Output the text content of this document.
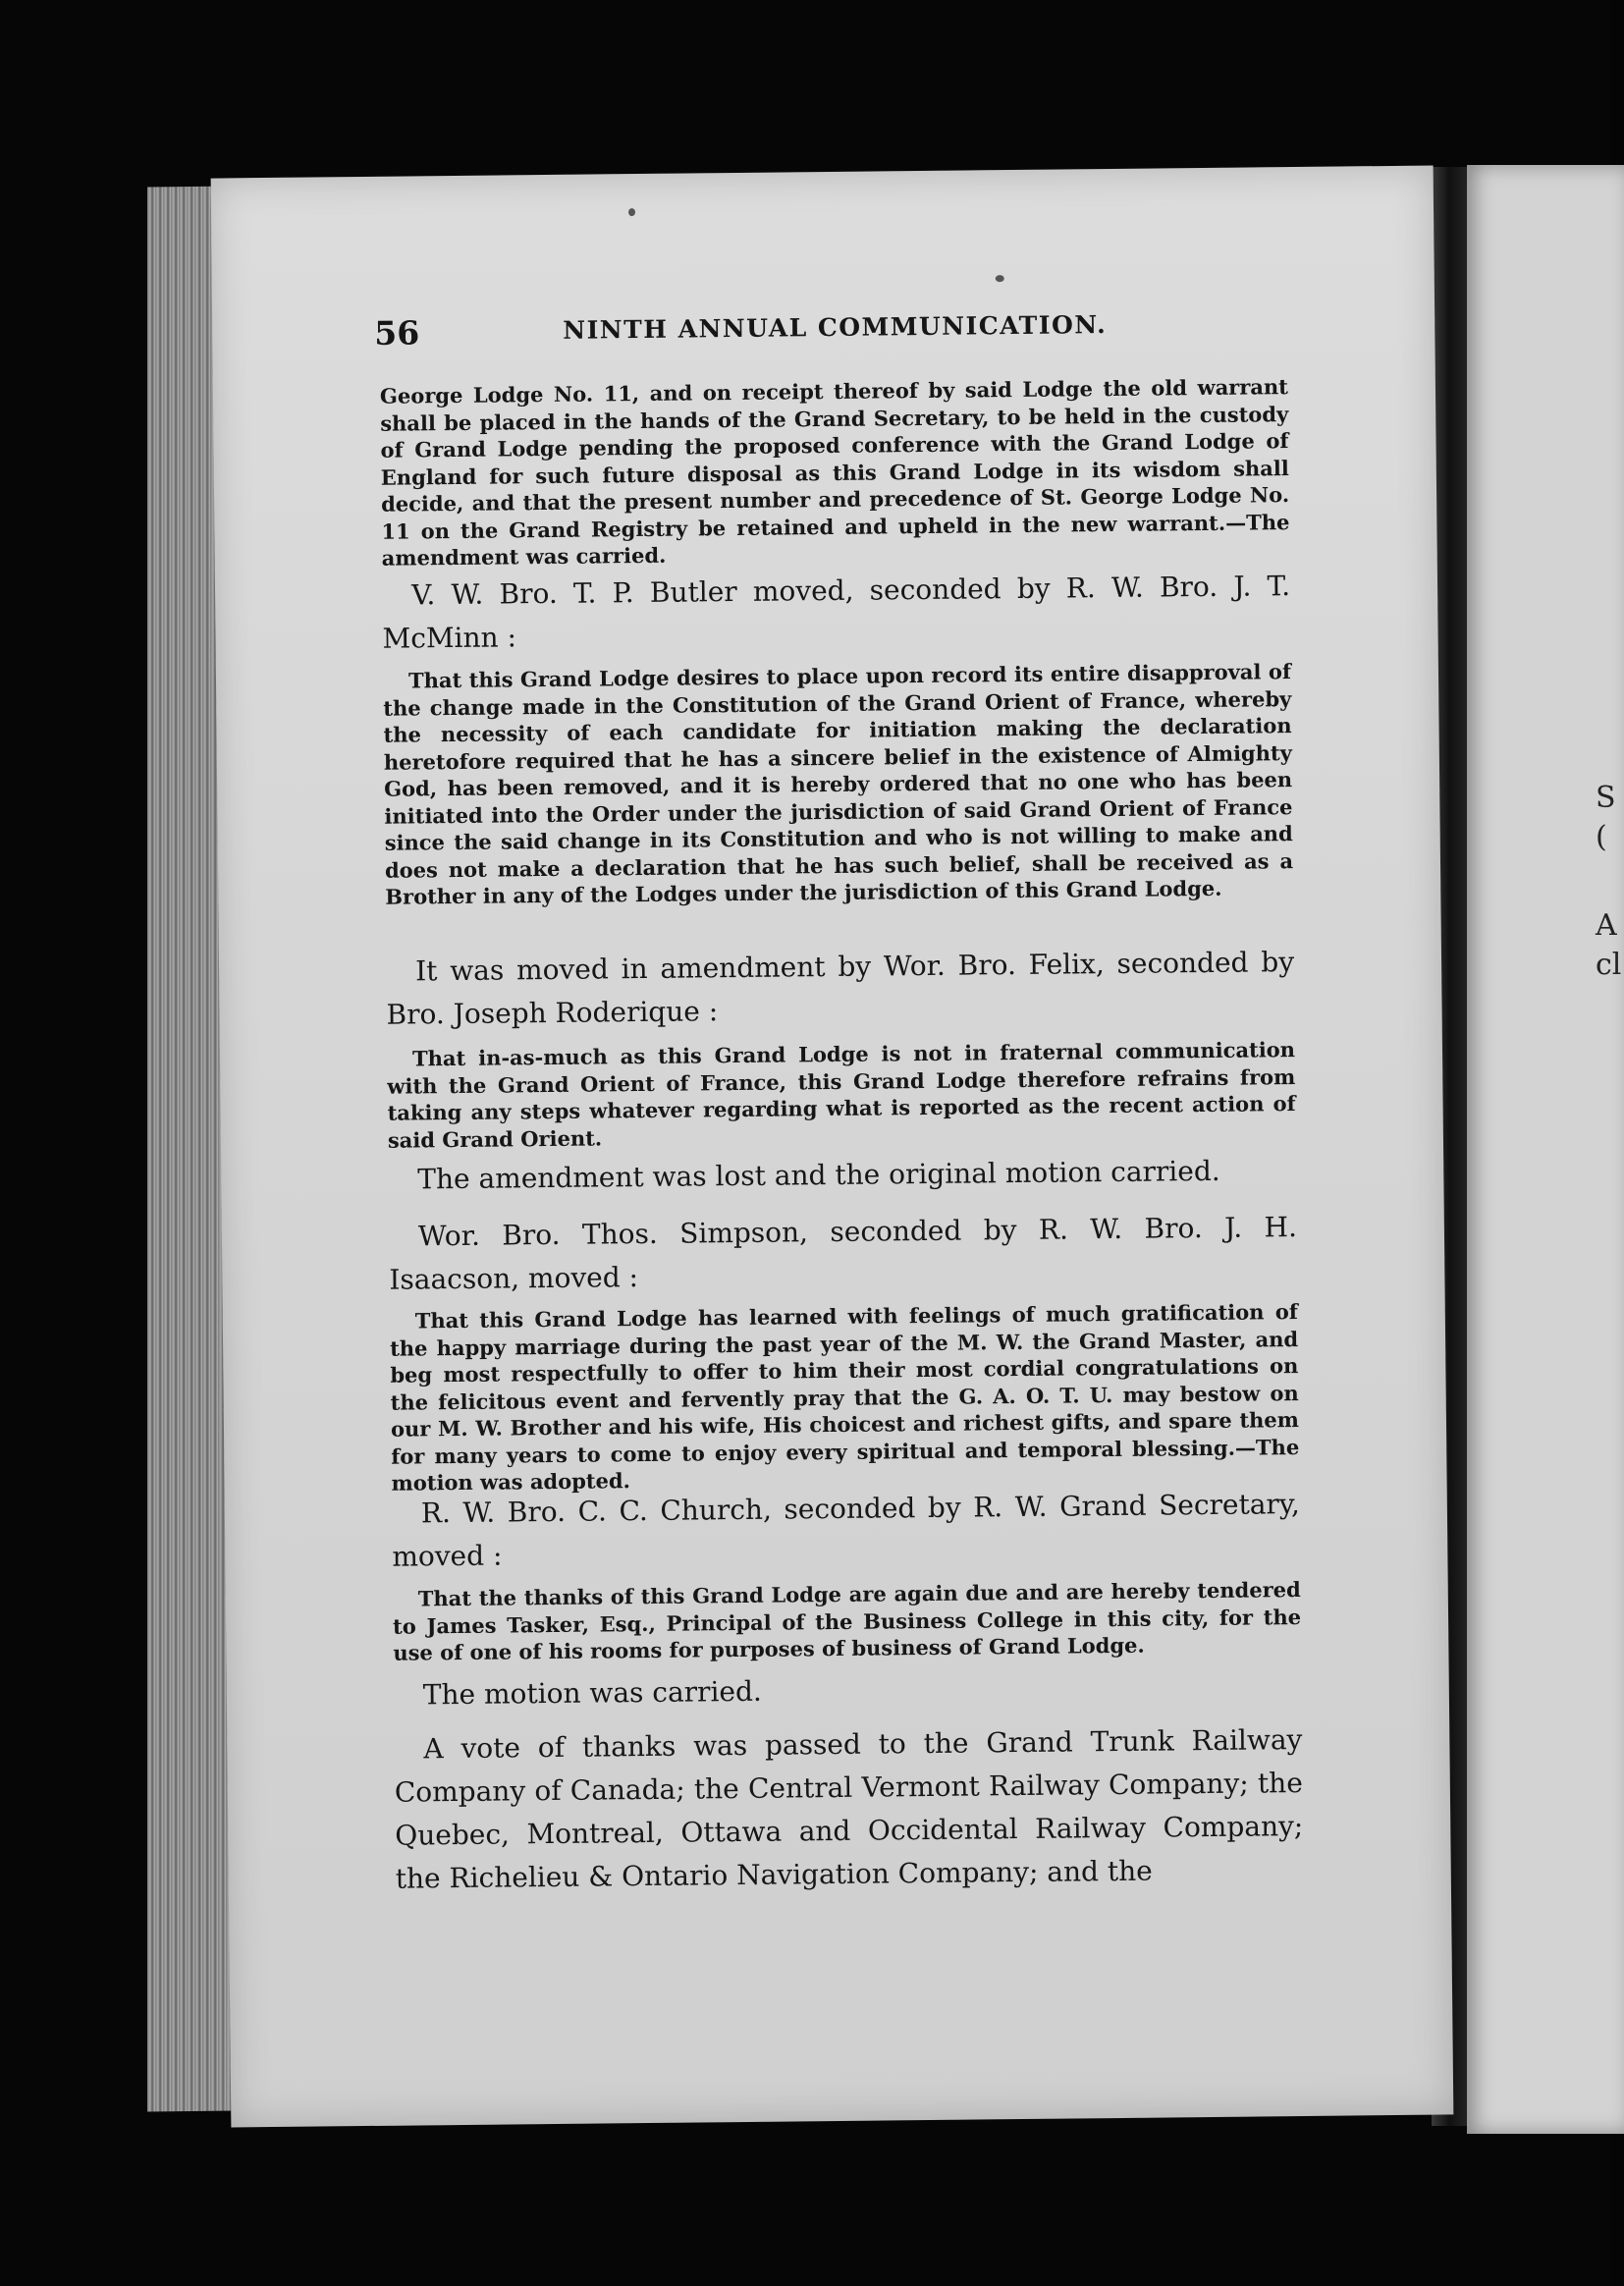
S
(
A
cl
56	NINTH ANNUAL COMMUNICATION.

George Lodge No. 11, and on receipt thereof by said Lodge the old warrant shall be placed in the hands of the Grand Secretary, to be held in the custody of Grand Lodge pending the proposed conference with the Grand Lodge of England for such future disposal as this Grand Lodge in its wisdom shall decide, and that the present number and precedence of St. George Lodge No. 11 on the Grand Registry be retained and upheld in the new warrant.—The amendment was carried.

V. W. Bro. T. P. Butler moved, seconded by R. W. Bro. J. T. McMinn :

That this Grand Lodge desires to place upon record its entire disapproval of the change made in the Constitution of the Grand Orient of France, whereby the necessity of each candidate for initiation making the declaration heretofore required that he has a sincere belief in the existence of Almighty God, has been removed, and it is hereby ordered that no one who has been initiated into the Order under the jurisdiction of said Grand Orient of France since the said change in its Constitution and who is not willing to make and does not make a declaration that he has such belief, shall be received as a Brother in any of the Lodges under the jurisdiction of this Grand Lodge.

It was moved in amendment by Wor. Bro. Felix, seconded by Bro. Joseph Roderique :

That in-as-much as this Grand Lodge is not in fraternal communication with the Grand Orient of France, this Grand Lodge therefore refrains from taking any steps whatever regarding what is reported as the recent action of said Grand Orient.

The amendment was lost and the original motion carried.

Wor. Bro. Thos. Simpson, seconded by R. W. Bro. J. H. Isaacson, moved :

That this Grand Lodge has learned with feelings of much gratification of the happy marriage during the past year of the M. W. the Grand Master, and beg most respectfully to offer to him their most cordial congratulations on the felicitous event and fervently pray that the G. A. O. T. U. may bestow on our M. W. Brother and his wife, His choicest and richest gifts, and spare them for many years to come to enjoy every spiritual and temporal blessing.—The motion was adopted.

R. W. Bro. C. C. Church, seconded by R. W. Grand Secretary, moved :

That the thanks of this Grand Lodge are again due and are hereby tendered to James Tasker, Esq., Principal of the Business College in this city, for the use of one of his rooms for purposes of business of Grand Lodge.

The motion was carried.

A vote of thanks was passed to the Grand Trunk Railway Company of Canada; the Central Vermont Railway Company; the Quebec, Montreal, Ottawa and Occidental Railway Company; the Richelieu & Ontario Navigation Company; and the
